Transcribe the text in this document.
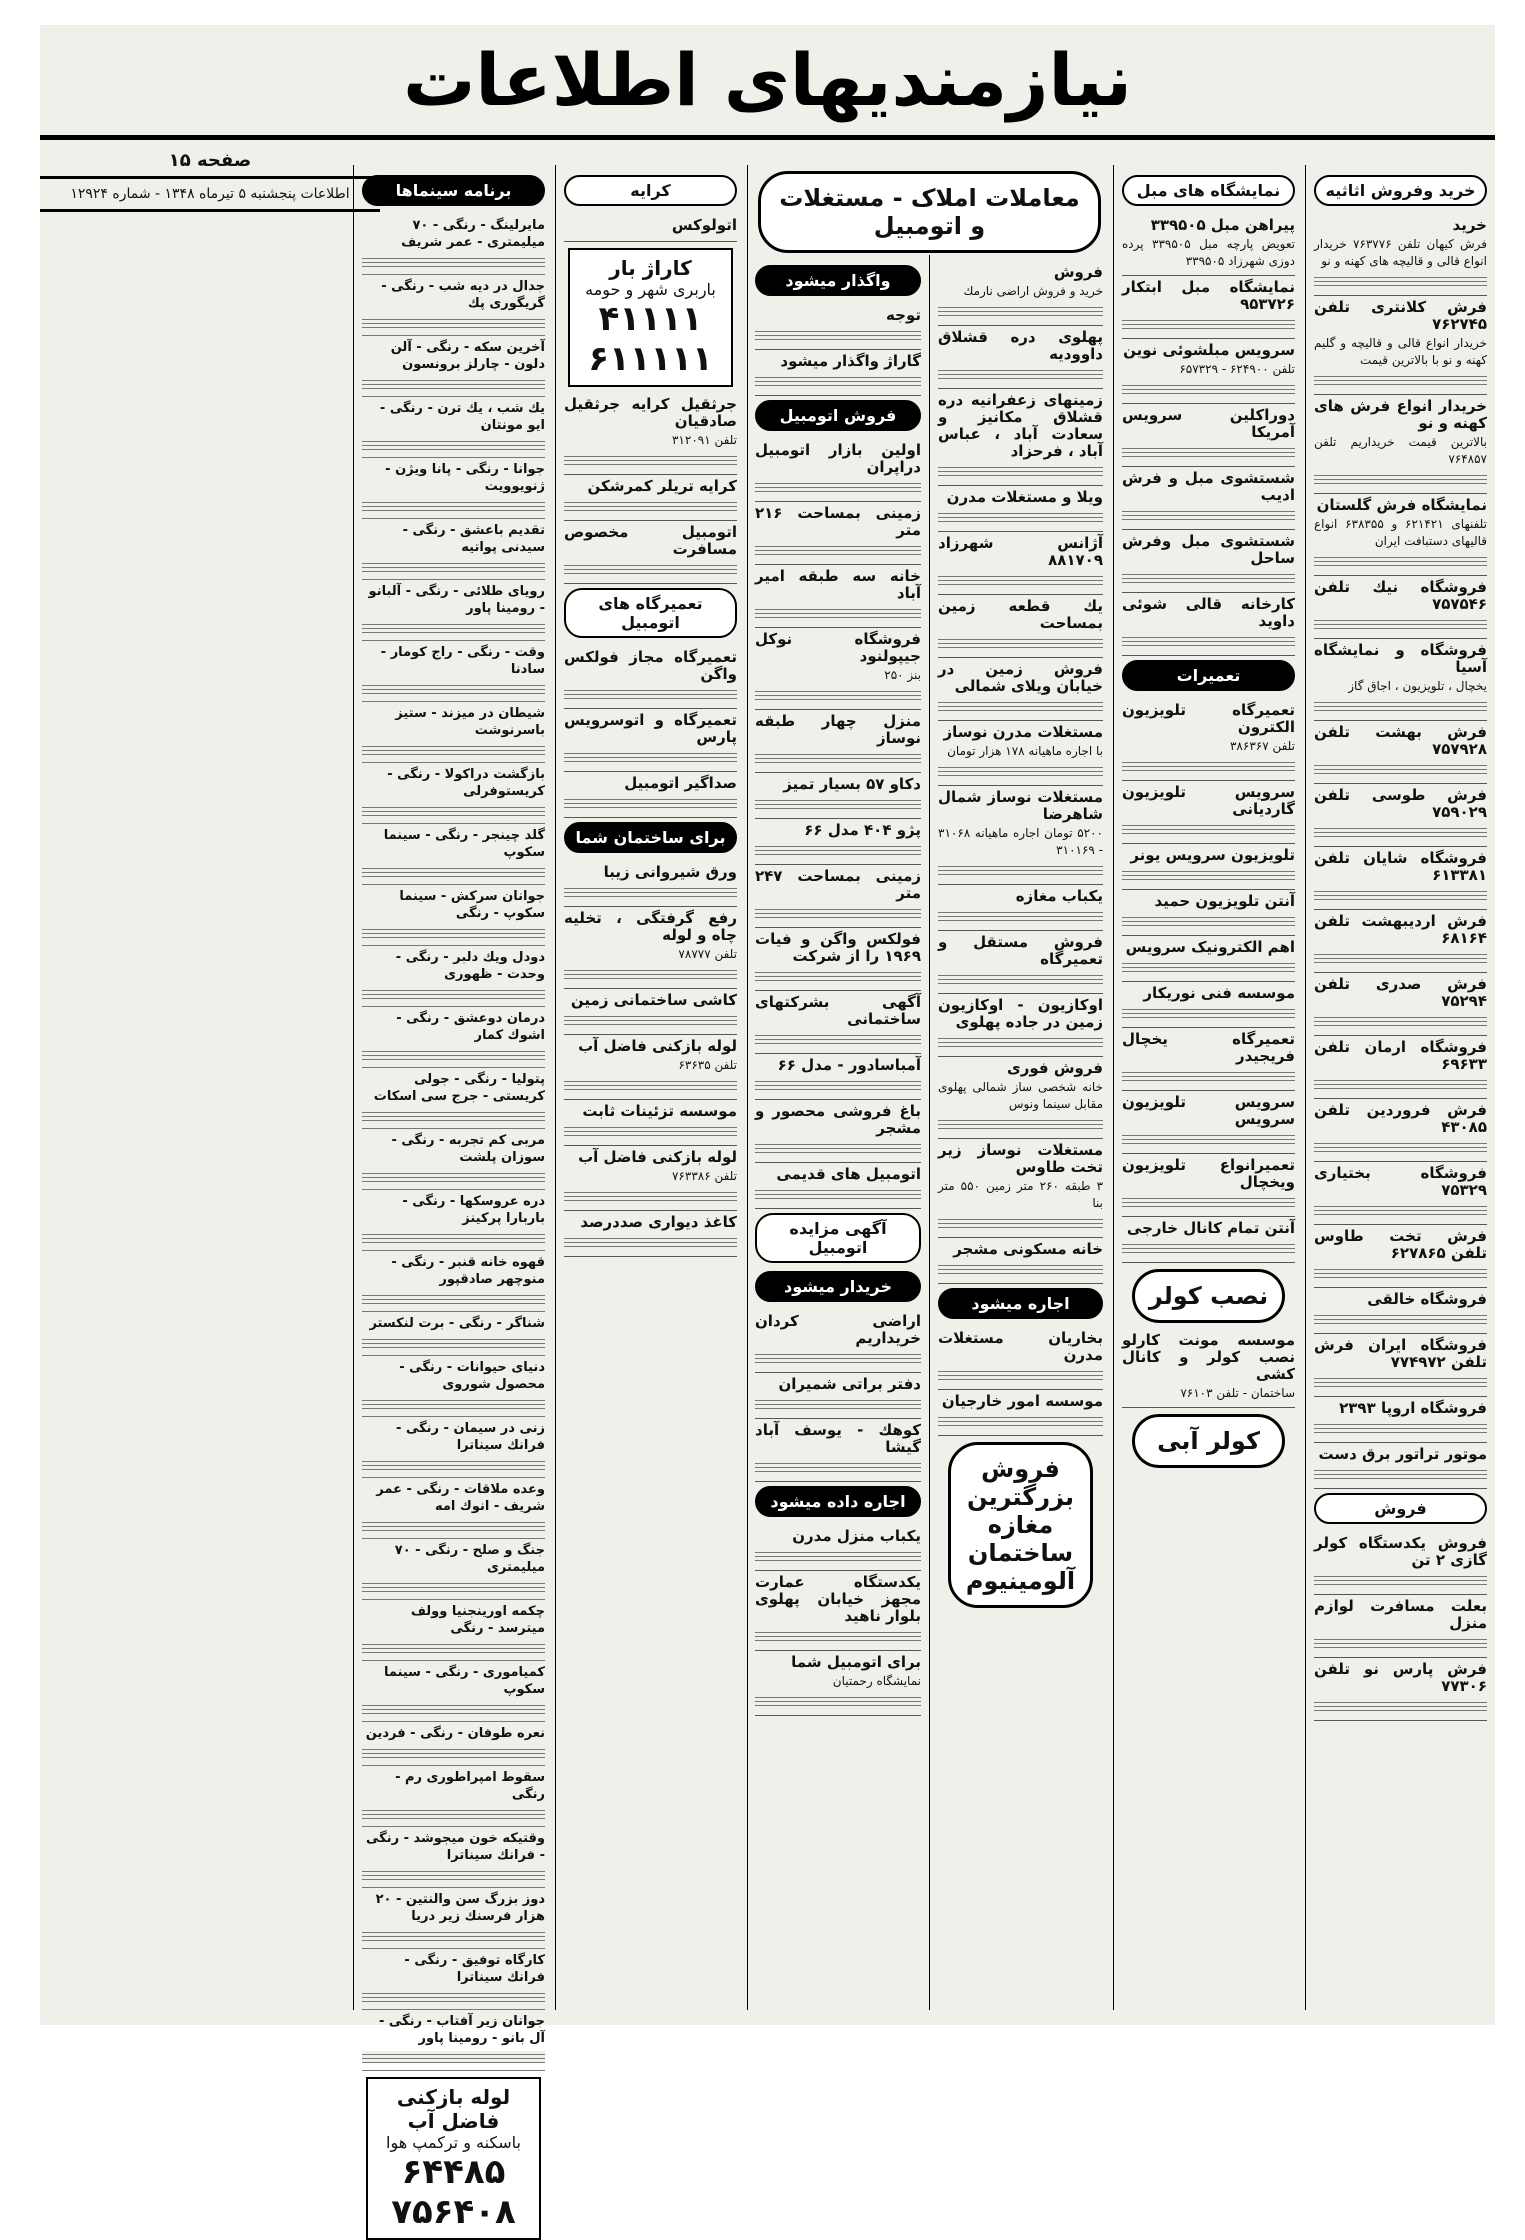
نيازمنديهای اطلاعات
صفحه ۱۵
اطلاعات پنجشنبه ۵ تیرماه ۱۳۴۸ - شماره ۱۲۹۲۴	خرید وفروش اثاثیه
خرید
فرش کیهان تلفن ۷۶۳۷۷۶ خریدار انواع قالی و قالیچه های کهنه و نو
فرش کلانتری تلفن ۷۶۲۷۴۵
خریدار انواع قالی و قالیچه و گلیم کهنه و نو با بالاترین قیمت
خریدار انواع فرش های کهنه و نو
بالاترین قیمت خریداریم تلفن ۷۶۴۸۵۷
نمایشگاه فرش گلستان
تلفنهای ۶۲۱۴۲۱ و ۶۳۸۳۵۵ انواع قالیهای دستبافت ایران
فروشگاه نیك تلفن ۷۵۷۵۴۶
فروشگاه و نمایشگاه آسیا
یخچال ، تلویزیون ، اجاق گاز
فرش بهشت تلفن ۷۵۷۹۲۸
فرش طوسی تلفن ۷۵۹۰۲۹
فروشگاه شایان تلفن ۶۱۳۳۸۱
فرش اردیبهشت تلفن ۶۸۱۶۴
فرش صدری تلفن ۷۵۲۹۴
فروشگاه ارمان تلفن ۶۹۶۳۳
فرش فروردین تلفن ۴۳۰۸۵
فروشگاه بختیاری ۷۵۳۲۹
فرش تخت طاوس تلفن ۶۲۷۸۶۵
فروشگاه خالقی
فروشگاه ایران فرش تلفن ۷۷۴۹۷۲
فروشگاه اروپا ۲۳۹۳
موتور تراتور برق دست
فروش
فروش یکدستگاه کولر گازی ۲ تن
بعلت مسافرت لوازم منزل
فرش پارس نو تلفن ۷۷۳۰۶
نمایشگاه های مبل
پیراهن مبل ۳۳۹۵۰۵
تعویض پارچه مبل ۳۳۹۵۰۵ پرده دوزی شهرزاد ۳۳۹۵۰۵
نمایشگاه مبل ابتکار ۹۵۳۷۲۶
سرویس مبلشوئی نوین
تلفن ۶۲۴۹۰۰ - ۶۵۷۳۲۹
دوراکلین سرویس آمریکا
شستشوی مبل و فرش ادیب
شستشوی مبل وفرش ساحل
کارخانه قالی شوئی داوید
تعمیرات
تعمیرگاه تلویزیون الکترون
تلفن ۳۸۶۳۶۷
سرویس تلویزیون گاردیانی
تلویزیون سرویس یونر
آنتن تلویزیون حمید
اهم الکترونیک سرویس
موسسه فنی نوریکار
تعمیرگاه یخچال فریجیدر
سرویس تلویزیون سرویس
تعمیرانواع تلویزیون ویخچال
آنتن تمام کانال خارجی
نصب کولر
موسسه مونت کارلو نصب کولر و کانال کشی
ساختمان - تلفن ۷۶۱۰۳
کولر آبی
معاملات املاک - مستغلات و اتومبیل
فروش
خرید و فروش اراضی نارمك
پهلوی دره قشلاق داوودیه
زمینهای زعفرانیه دره قشلاق مکانیز و سعادت آباد ، عباس آباد ، فرحزاد
ویلا و مستغلات مدرن
آژانس شهرزاد ۸۸۱۷۰۹
یك قطعه زمین بمساحت
فروش زمین در خیابان ویلای شمالی
مستغلات مدرن نوساز
با اجاره ماهیانه ۱۷۸ هزار تومان
مستغلات نوساز شمال شاهرضا
۵۲۰۰ تومان اجاره ماهیانه ۳۱۰۶۸ - ۳۱۰۱۶۹
یکباب مغازه
فروش مستقل و تعمیرگاه
اوکازیون - اوکازیون زمین در جاده پهلوی
فروش فوری
خانه شخصی ساز شمالی پهلوی مقابل سینما ونوس
مستغلات نوساز زیر تخت طاوس
۳ طبقه ۲۶۰ متر زمین ۵۵۰ متر بنا
خانه مسکونی مشجر
اجاره میشود
بخاریان مستغلات مدرن
موسسه امور خارجیان
فروش بزرگترین مغازه ساختمان آلومینیوم
واگذار میشود
توجه
گاراژ واگذار میشود
فروش اتومبیل
اولین بازار اتومبیل دراپران
زمینی بمساحت ۲۱۶ متر
خانه سه طبقه امیر آباد
فروشگاه نوکل جیپولنود
بنز ۲۵۰
منزل چهار طبقه نوساز
دکاو ۵۷ بسیار تمیز
پژو ۴۰۴ مدل ۶۶
زمینی بمساحت ۲۴۷ متر
فولکس واگن و فیات ۱۹۶۹ را از شرکت
آگهی بشرکتهای ساختمانی
آمباسادور - مدل ۶۶
باغ فروشی محصور و مشجر
اتومبیل های قدیمی
آگهی مزایده اتومبیل
خریدار میشود
اراضی کردان خریداریم
دفتر براتی شمیران
کوهك - یوسف آباد گیشا
اجاره داده میشود
یکباب منزل مدرن
یکدستگاه عمارت مجهز خیابان پهلوی بلوار ناهید
برای اتومبیل شما
نمایشگاه رحمتیان
کرایه
اتولوکس
کاراژ بار
باربری شهر و حومه
۴۱۱۱۱
۶۱۱۱۱۱
جرثقیل کرایه جرثقیل صادقیان
تلفن ۳۱۲۰۹۱
کرایه تریلر کمرشکن
اتومبیل مخصوص مسافرت
تعمیرگاه های اتومبیل
تعمیرگاه مجاز فولکس واگن
تعمیرگاه و اتوسرویس پارس
صداگیر اتومبیل
برای ساختمان شما
ورق شیروانی زیبا
رفع گرفتگی ، تخلیه چاه و لوله
تلفن ۷۸۷۷۷
کاشی ساختمانی زمین
لوله بازکنی فاضل آب
تلفن ۶۳۶۳۵
موسسه تزئینات ثابت
لوله بازکنی فاضل آب
تلفن ۷۶۳۳۸۶
کاغذ دیواری صددرصد
برنامه سینماها
مایرلینگ - رنگی - ۷۰ میلیمتری - عمر شریف
جدال در دیه شب - رنگی - گریگوری پك
آخرین سکه - رنگی - آلن دلون - چارلز برونسون
یك شب ، یك ترن - رنگی - ایو مونتان
جوانا - رنگی - پانا ویژن - ژنویوویت
تقدیم باعشق - رنگی - سیدنی پواتیه
رویای طلائی - رنگی - آلبانو - رومینا پاور
وقت - رنگی - راج کومار - سادنا
شیطان در میزند - ستیز باسرنوشت
بازگشت دراکولا - رنگی - کریستوفرلی
گلد چینجر - رنگی - سینما سکوپ
جوانان سرکش - سینما سکوپ - رنگی
دودل ویك دلبر - رنگی - وحدت - ظهوری
درمان دوعشق - رنگی - اشوك کمار
پتولیا - رنگی - جولی کریستی - جرج سی اسکات
مربی کم تجربه - رنگی - سوزان پلشت
دره عروسکها - رنگی - باربارا پرکینز
قهوه خانه قنبر - رنگی - منوچهر صادقپور
شناگر - رنگی - برت لنکستر
دنیای حیوانات - رنگی - محصول شوروی
زنی در سیمان - رنگی - فرانك سیناترا
وعده ملاقات - رنگی - عمر شریف - انوك امه
جنگ و صلح - رنگی - ۷۰ میلیمتری
چکمه اورینجنیا وولف میترسد - رنگی
کمیاموری - رنگی - سینما سکوپ
نعره طوفان - رنگی - فردین
سقوط امپراطوری رم - رنگی
وقتیکه خون میجوشد - رنگی - فرانك سیناترا
دوز بزرگ سن والنتین - ۲۰ هزار فرسنك زیر دریا
کارگاه توفیق - رنگی - فرانك سیناترا
جوانان زیر آفتاب - رنگی - آل بانو - رومینا پاور
لوله بازکنی فاضل آب
باسکنه و ترکمپ هوا
۶۴۴۸۵
۷۵۶۴۰۸
